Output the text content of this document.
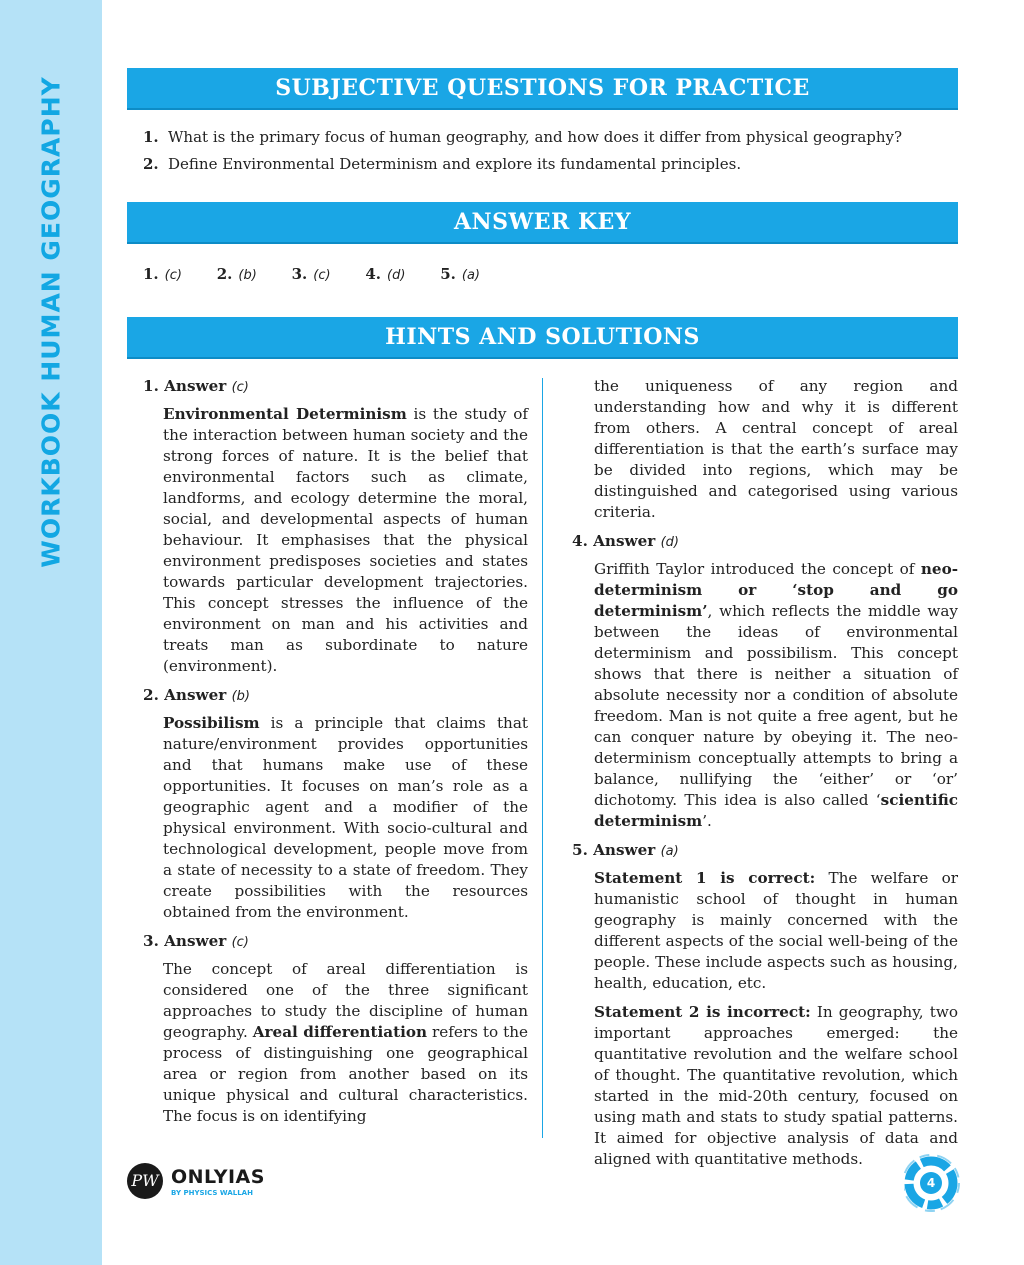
WORKBOOK HUMAN GEOGRAPHY	SUBJECTIVE QUESTIONS FOR PRACTICE
1. What is the primary focus of human geography, and how does it differ from physical geography?
2. Define Environmental Determinism and explore its fundamental principles.
ANSWER KEY
1. (c) 2. (b) 3. (c) 4. (d) 5. (a)
HINTS AND SOLUTIONS
1. Answer (c)

Environmental Determinism is the study of the interaction between human society and the strong forces of nature. It is the belief that environmental factors such as climate, landforms, and ecology determine the moral, social, and developmental aspects of human behaviour. It emphasises that the physical environment predisposes societies and states towards particular development trajectories. This concept stresses the influence of the environment on man and his activities and treats man as subordinate to nature (environment).

2. Answer (b)

Possibilism is a principle that claims that nature/environment provides opportunities and that humans make use of these opportunities. It focuses on man’s role as a geographic agent and a modifier of the physical environment. With socio-cultural and technological development, people move from a state of necessity to a state of freedom. They create possibilities with the resources obtained from the environment.

3. Answer (c)

The concept of areal differentiation is considered one of the three significant approaches to study the discipline of human geography. Areal differentiation refers to the process of distinguishing one geographical area or region from another based on its unique physical and cultural characteristics. The focus is on identifying

the uniqueness of any region and understanding how and why it is different from others. A central concept of areal differentiation is that the earth’s surface may be divided into regions, which may be distinguished and categorised using various criteria.

4. Answer (d)

Griffith Taylor introduced the concept of neo-determinism or ‘stop and go determinism’, which reflects the middle way between the ideas of environmental determinism and possibilism. This concept shows that there is neither a situation of absolute necessity nor a condition of absolute freedom. Man is not quite a free agent, but he can conquer nature by obeying it. The neo-determinism conceptually attempts to bring a balance, nullifying the ‘either’ or ‘or’ dichotomy. This idea is also called ‘scientific determinism’.

5. Answer (a)

Statement 1 is correct: The welfare or humanistic school of thought in human geography is mainly concerned with the different aspects of the social well-being of the people. These include aspects such as housing, health, education, etc.

Statement 2 is incorrect: In geography, two important approaches emerged: the quantitative revolution and the welfare school of thought. The quantitative revolution, which started in the mid-20th century, focused on using math and stats to study spatial patterns. It aimed for objective analysis of data and aligned with quantitative methods.

PW ONLYIAS
BY PHYSICS WALLAH
4
